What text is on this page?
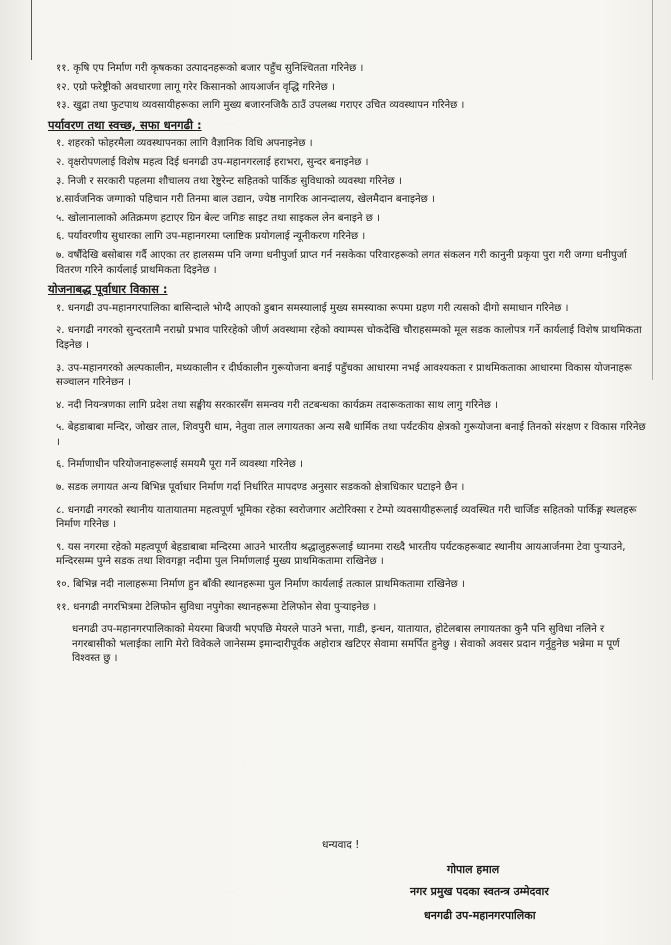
११. कृषि एप निर्माण गरी कृषकका उत्पादनहरूको बजार पहुँच सुनिश्चितता गरिनेछ ।
१२. एग्रो फरेष्ट्रीको अवधारणा लागू गरेर किसानको आयआर्जन वृद्धि गरिनेछ ।
१३. खुद्रा तथा फुटपाथ व्यवसायीहरूका लागि मुख्य बजारनजिकै ठाउँ उपलब्ध गराएर उचित व्यवस्थापन गरिनेछ ।
पर्यावरण तथा स्वच्छ, सफा धनगढी :
१. शहरको फोहरमैला व्यवस्थापनका लागि वैज्ञानिक विधि अपनाइनेछ ।
२. वृक्षरोपणलाई विशेष महत्व दिई धनगढी उप-महानगरलाई हराभरा, सुन्दर बनाइनेछ ।
३. निजी र सरकारी पहलमा शौचालय तथा रेष्टुरेन्ट सहितको पार्किङ सुविधाको व्यवस्था गरिनेछ ।
४.सार्वजनिक जग्गाको पहिचान गरी तिनमा बाल उद्यान, ज्येष्ठ नागरिक आनन्दालय, खेलमैदान बनाइनेछ ।
५. खोलानालाको अतिक्रमण हटाएर ग्रिन बेल्ट जगिङ साइट तथा साइकल लेन बनाइने छ ।
६. पर्यावरणीय सुधारका लागि उप-महानगरमा प्लाष्टिक प्रयोगलाई न्यूनीकरण गरिनेछ ।
७. वर्षौंदेखि बसोबास गर्दै आएका तर हालसम्म पनि जग्गा धनीपुर्जा प्राप्त गर्न नसकेका परिवारहरूको लगत संकलन गरी कानुनी प्रकृया पुरा गरी जग्गा धनीपुर्जा वितरण गरिने कार्यलाई प्राथमिकता दिइनेछ ।
योजनाबद्ध पूर्वाधार विकास :
१. धनगढी उप-महानगरपालिका बासिन्दाले भोग्दै आएको डुबान समस्यालाई मुख्य समस्याका रूपमा ग्रहण गरी त्यसको दीगो समाधान गरिनेछ ।
२. धनगढी नगरको सुन्दरतामै नराम्रो प्रभाव पारिरहेको जीर्ण अवस्थामा रहेको क्याम्पस चोकदेखि चौराहसम्मको मूल सडक कालोपत्र गर्ने कार्यलाई विशेष प्राथमिकता दिइनेछ ।
३. उप-महानगरको अल्पकालीन, मध्यकालीन र दीर्घकालीन गुरूयोजना बनाई पहुँचका आधारमा नभई आवश्यकता र प्राथमिकताका आधारमा विकास योजनाहरू सञ्चालन गरिनेछन ।
४. नदी नियन्त्रणका लागि प्रदेश तथा सङ्घीय सरकारसँग समन्वय गरी तटबन्धका कार्यक्रम तदारूकताका साथ लागु गरिनेछ ।
५. बेहडाबाबा मन्दिर, जोखर ताल, शिवपुरी धाम, नेतुवा ताल लगायतका अन्य सबै धार्मिक तथा पर्यटकीय क्षेत्रको गुरूयोजना बनाई तिनको संरक्षण र विकास गरिनेछ ।
६. निर्माणाधीन परियोजनाहरूलाई समयमै पूरा गर्ने व्यवस्था गरिनेछ ।
७. सडक लगायत अन्य बिभिन्न पूर्वाधार निर्माण गर्दा निर्धारित मापदण्ड अनुसार सडकको क्षेत्राधिकार घटाइने छैन ।
८. धनगढी नगरको स्थानीय यातायातमा महत्वपूर्ण भूमिका रहेका स्वरोजगार अटोरिक्सा र टेम्पो व्यवसायीहरूलाई व्यवस्थित गरी चार्जिङ सहितको पार्किङ्ग स्थलहरू निर्माण गरिनेछ ।
९. यस नगरमा रहेको महत्वपूर्ण बेहडाबाबा मन्दिरमा आउने भारतीय श्रद्धालुहरूलाई ध्यानमा राख्दै भारतीय पर्यटकहरूबाट स्थानीय आयआर्जनमा टेवा पुऱ्याउने, मन्दिरसम्म पुग्ने सडक तथा शिवगङ्गा नदीमा पुल निर्माणलाई मुख्य प्राथमिकतामा राखिनेछ ।
१०. बिभिन्न नदी नालाहरूमा निर्माण हुन बाँकी स्थानहरूमा पुल निर्माण कार्यलाई तत्काल प्राथमिकतामा राखिनेछ ।
११. धनगढी नगरभित्रमा टेलिफोन सुविधा नपुगेका स्थानहरूमा टेलिफोन सेवा पुऱ्याइनेछ ।
धनगढी उप-महानगरपालिकाको मेयरमा बिजयी भएपछि मेयरले पाउने भत्ता, गाडी, इन्धन, यातायात, होटेलबास लगायतका कुनै पनि सुविधा नलिने र नगरबासीको भलाईका लागि मेरो विवेकले जानेसम्म इमान्दारीपूर्वक अहोरात्र खटिएर सेवामा समर्पित हुनेछु । सेवाको अवसर प्रदान गर्नुहुनेछ भन्नेमा म पूर्ण विश्वस्त छु ।
धन्यवाद !
गोपाल हमाल
नगर प्रमुख पदका स्वतन्त्र उम्मेदवार
धनगढी उप-महानगरपालिका
